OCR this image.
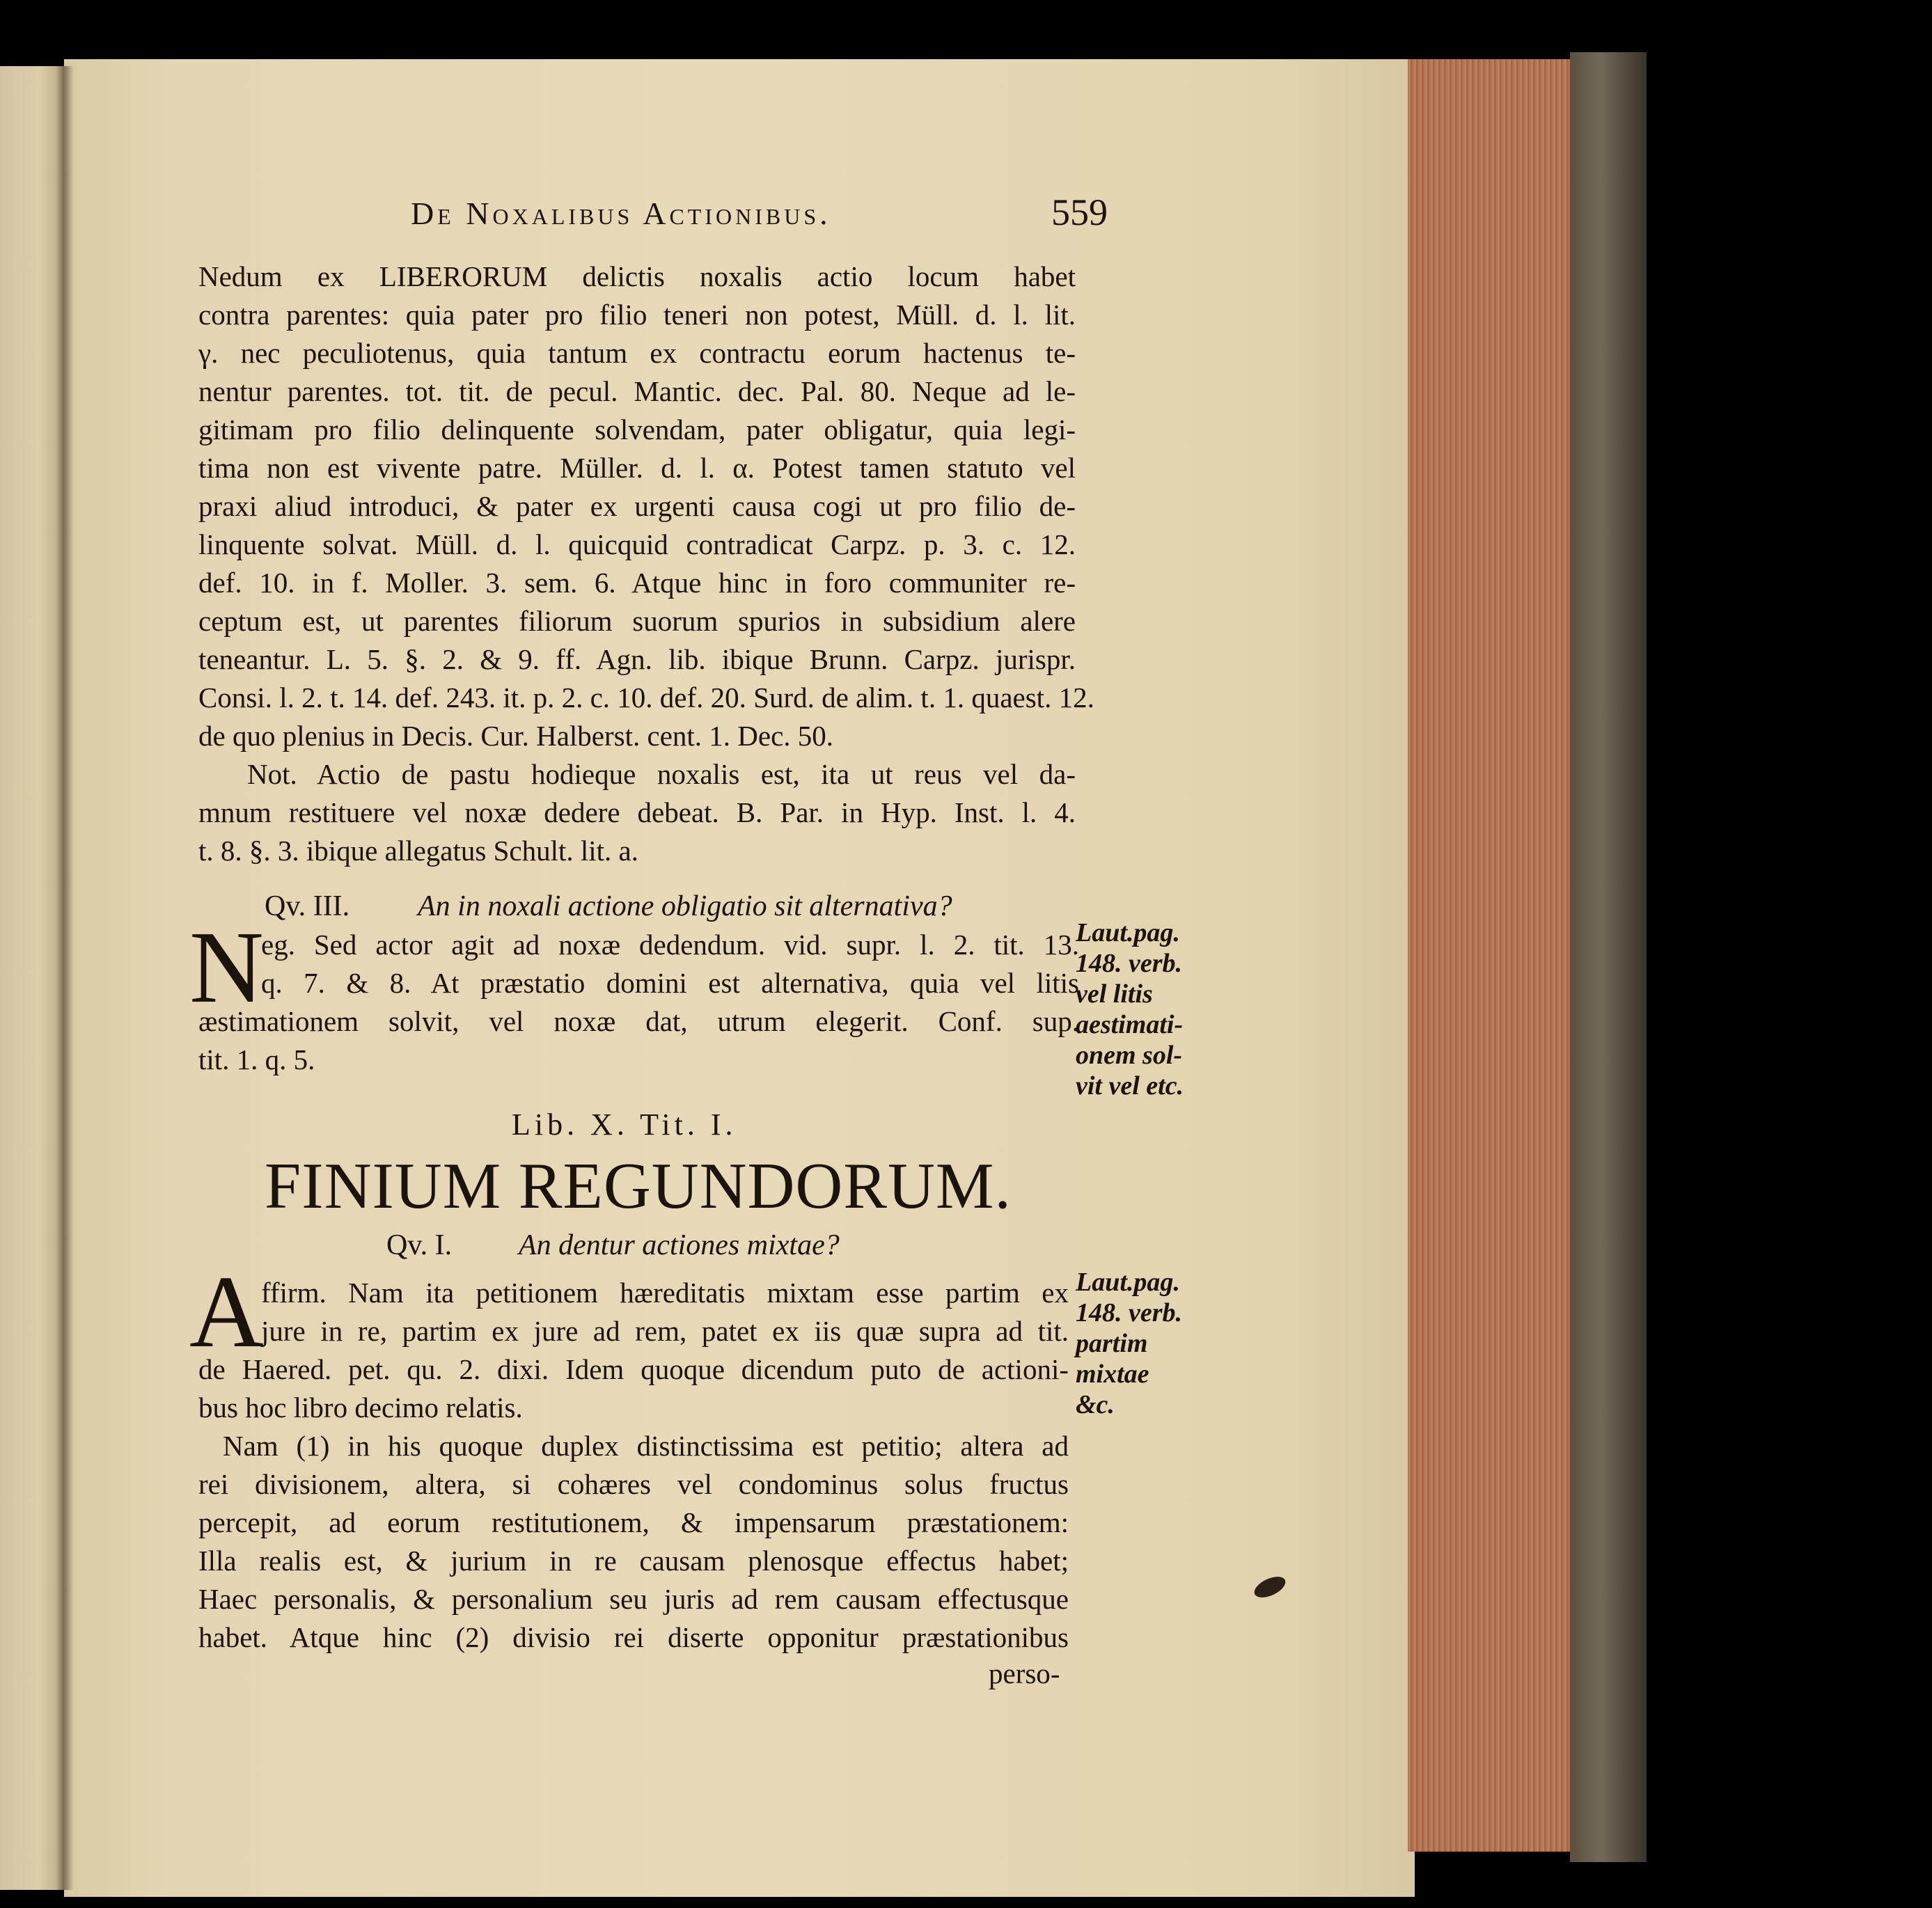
De Noxalibus Actionibus.	559
Nedum ex LIBERORUM delictis noxalis actio locum habet
contra parentes: quia pater pro filio teneri non potest, Müll. d. l. lit.
γ. nec peculiotenus, quia tantum ex contractu eorum hactenus te-
nentur parentes. tot. tit. de pecul. Mantic. dec. Pal. 80. Neque ad le-
gitimam pro filio delinquente solvendam, pater obligatur, quia legi-
tima non est vivente patre. Müller. d. l. α. Potest tamen statuto vel
praxi aliud introduci, & pater ex urgenti causa cogi ut pro filio de-
linquente solvat. Müll. d. l. quicquid contradicat Carpz. p. 3. c. 12.
def. 10. in f. Moller. 3. sem. 6. Atque hinc in foro communiter re-
ceptum est, ut parentes filiorum suorum spurios in subsidium alere
teneantur. L. 5. §. 2. & 9. ff. Agn. lib. ibique Brunn. Carpz. jurispr.
Consi. l. 2. t. 14. def. 243. it. p. 2. c. 10. def. 20. Surd. de alim. t. 1. quaest. 12.
de quo plenius in Decis. Cur. Halberst. cent. 1. Dec. 50.
Not. Actio de pastu hodieque noxalis est, ita ut reus vel da-
mnum restituere vel noxæ dedere debeat. B. Par. in Hyp. Inst. l. 4.
t. 8. §. 3. ibique allegatus Schult. lit. a.
Qv. III. An in noxali actione obligatio sit alternativa?
N
eg. Sed actor agit ad noxæ dedendum. vid. supr. l. 2. tit. 13.
q. 7. & 8. At præstatio domini est alternativa, quia vel litis
æstimationem solvit, vel noxæ dat, utrum elegerit. Conf. sup.
tit. 1. q. 5.
Laut.pag.
148. verb.
vel litis
aestimati-
onem sol-
vit vel etc.
Lib. X. Tit. I.
FINIUM REGUNDORUM.
Qv. I. An dentur actiones mixtae?
A
ffirm. Nam ita petitionem hæreditatis mixtam esse partim ex
jure in re, partim ex jure ad rem, patet ex iis quæ supra ad tit.
de Haered. pet. qu. 2. dixi. Idem quoque dicendum puto de actioni-
bus hoc libro decimo relatis.
Laut.pag.
148. verb.
partim
mixtae
&c.
Nam (1) in his quoque duplex distinctissima est petitio; altera ad
rei divisionem, altera, si cohæres vel condominus solus fructus
percepit, ad eorum restitutionem, & impensarum præstationem:
Illa realis est, & jurium in re causam plenosque effectus habet;
Haec personalis, & personalium seu juris ad rem causam effectusque
habet. Atque hinc (2) divisio rei diserte opponitur præstationibus
perso-
